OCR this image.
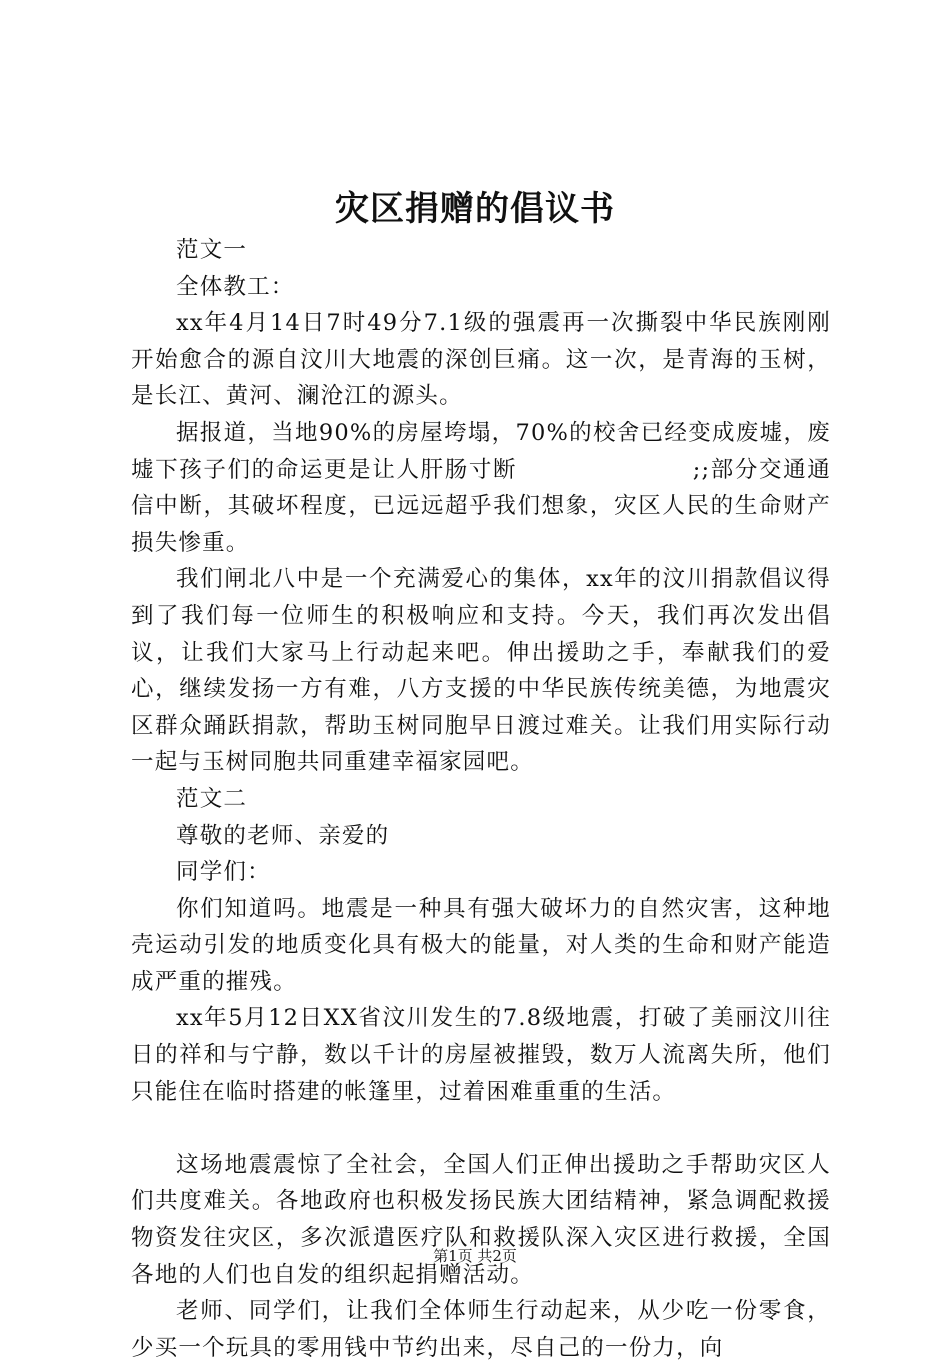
灾区捐赠的倡议书

范文一

全体教工：

xx年4月14日7时49分7.1级的强震再一次撕裂中华民族刚刚开始愈合的源自汶川大地震的深创巨痛。这一次，是青海的玉树，是长江、黄河、澜沧江的源头。

据报道，当地90%的房屋垮塌，70%的校舍已经变成废墟，废墟下孩子们的命运更是让人肝肠寸断                    ;;部分交通通信中断，其破坏程度，已远远超乎我们想象，灾区人民的生命财产损失惨重。

我们闸北八中是一个充满爱心的集体，xx年的汶川捐款倡议得到了我们每一位师生的积极响应和支持。今天，我们再次发出倡议，让我们大家马上行动起来吧。伸出援助之手，奉献我们的爱心，继续发扬一方有难，八方支援的中华民族传统美德，为地震灾区群众踊跃捐款，帮助玉树同胞早日渡过难关。让我们用实际行动一起与玉树同胞共同重建幸福家园吧。

范文二

尊敬的老师、亲爱的

同学们：

你们知道吗。地震是一种具有强大破坏力的自然灾害，这种地壳运动引发的地质变化具有极大的能量，对人类的生命和财产能造成严重的摧残。

xx年5月12日XX省汶川发生的7.8级地震，打破了美丽汶川往日的祥和与宁静，数以千计的房屋被摧毁，数万人流离失所，他们只能住在临时搭建的帐篷里，过着困难重重的生活。

这场地震震惊了全社会，全国人们正伸出援助之手帮助灾区人们共度难关。各地政府也积极发扬民族大团结精神，紧急调配救援物资发往灾区，多次派遣医疗队和救援队深入灾区进行救援，全国各地的人们也自发的组织起捐赠活动。

老师、同学们，让我们全体师生行动起来，从少吃一份零食，少买一个玩具的零用钱中节约出来，尽自己的一份力，向

第1页 共2页
